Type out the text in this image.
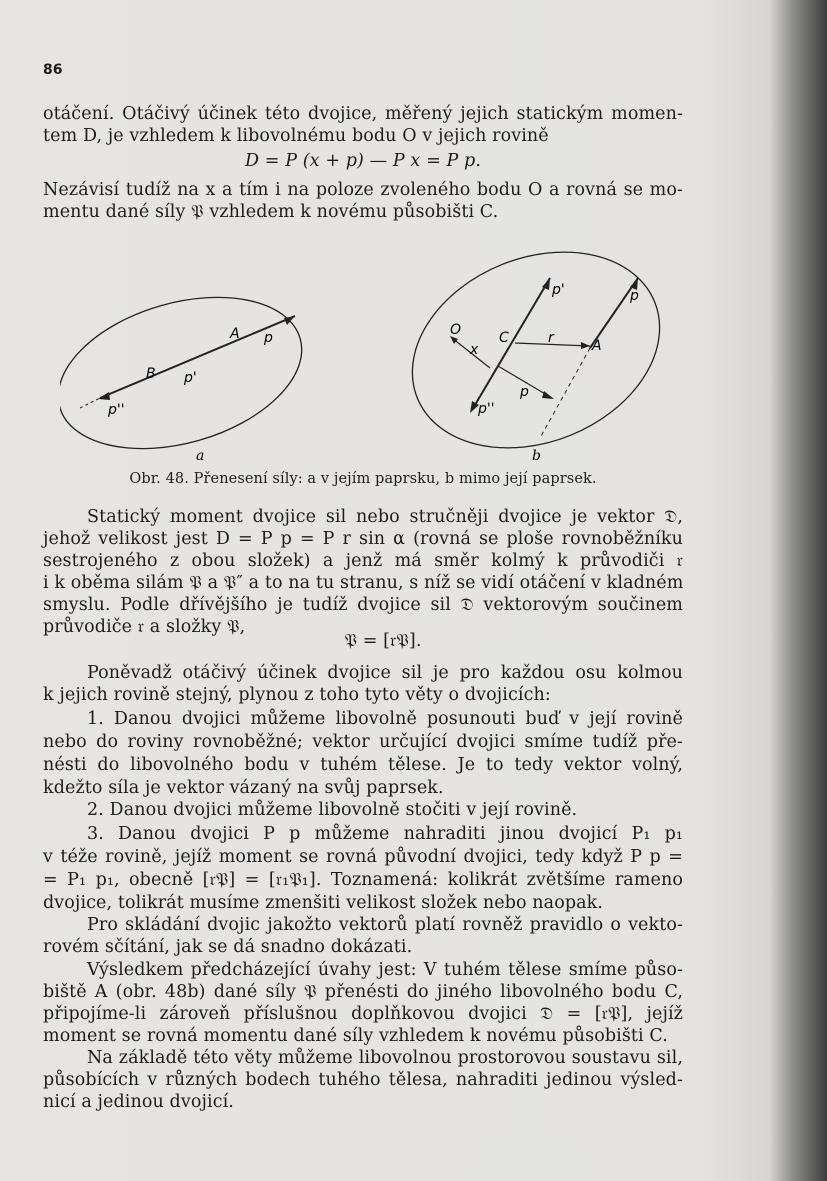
86
otáčení. Otáčivý účinek této dvojice, měřený jejich statickým momen-
tem D, je vzhledem k libovolnému bodu O v jejich rovině
D = P (x + p) — P x = P p.
Nezávisí tudíž na x a tím i na poloze zvoleného bodu O a rovná se mo-
mentu dané síly 𝔓 vzhledem k novému působišti C.
A
B
p
p'
p''
O	C
x
r	A
p
p'
p''
p
a	b
Obr. 48. Přenesení síly: a v jejím paprsku, b mimo její paprsek.
Statický moment dvojice sil nebo stručněji dvojice je vektor 𝔇,
jehož velikost jest D = P p = P r sin α (rovná se ploše rovnoběžníku
sestrojeného z obou složek) a jenž má směr kolmý k průvodiči 𝔯
i k oběma silám 𝔓 a 𝔓″ a to na tu stranu, s níž se vidí otáčení v kladném
smyslu. Podle dřívějšího je tudíž dvojice sil 𝔇 vektorovým součinem
průvodiče 𝔯 a složky 𝔓,
𝔓 = [𝔯𝔓].
Poněvadž otáčivý účinek dvojice sil je pro každou osu kolmou
k jejich rovině stejný, plynou z toho tyto věty o dvojicích:
1. Danou dvojici můžeme libovolně posunouti buď v její rovině
nebo do roviny rovnoběžné; vektor určující dvojici smíme tudíž pře-
nésti do libovolného bodu v tuhém tělese. Je to tedy vektor volný,
kdežto síla je vektor vázaný na svůj paprsek.
2. Danou dvojici můžeme libovolně stočiti v její rovině.
3. Danou dvojici P p můžeme nahraditi jinou dvojicí P₁ p₁
v téže rovině, jejíž moment se rovná původní dvojici, tedy když P p =
= P₁ p₁, obecně [𝔯𝔓] = [𝔯₁𝔓₁]. Toznamená: kolikrát zvětšíme rameno
dvojice, tolikrát musíme zmenšiti velikost složek nebo naopak.
Pro skládání dvojic jakožto vektorů platí rovněž pravidlo o vekto-
rovém sčítání, jak se dá snadno dokázati.
Výsledkem předcházející úvahy jest: V tuhém tělese smíme půso-
biště A (obr. 48b) dané síly 𝔓 přenésti do jiného libovolného bodu C,
připojíme-li zároveň příslušnou doplňkovou dvojici 𝔇 = [𝔯𝔓], jejíž
moment se rovná momentu dané síly vzhledem k novému působišti C.
Na základě této věty můžeme libovolnou prostorovou soustavu sil,
působících v různých bodech tuhého tělesa, nahraditi jedinou výsled-
nicí a jedinou dvojicí.
